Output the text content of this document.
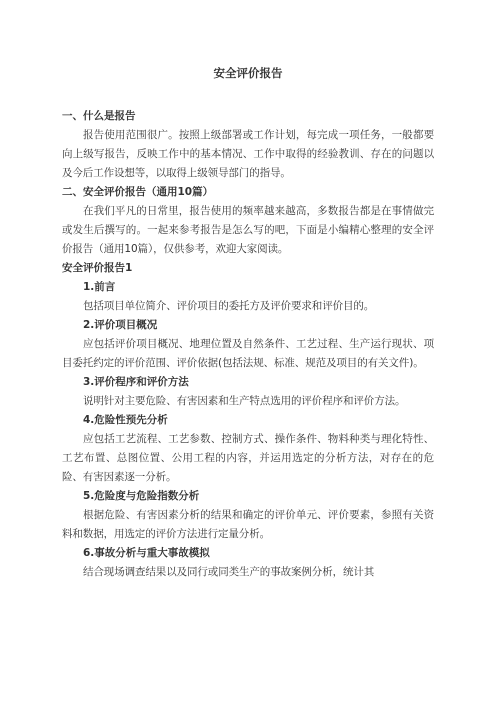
安全评价报告

一、什么是报告

报告使用范围很广。按照上级部署或工作计划，每完成一项任务，一般都要向上级写报告，反映工作中的基本情况、工作中取得的经验教训、存在的问题以及今后工作设想等，以取得上级领导部门的指导。

二、安全评价报告（通用10篇）

在我们平凡的日常里，报告使用的频率越来越高，多数报告都是在事情做完或发生后撰写的。一起来参考报告是怎么写的吧，下面是小编精心整理的安全评价报告（通用10篇），仅供参考，欢迎大家阅读。

安全评价报告1

1.前言

包括项目单位简介、评价项目的委托方及评价要求和评价目的。

2.评价项目概况

应包括评价项目概况、地理位置及自然条件、工艺过程、生产运行现状、项目委托约定的评价范围、评价依据(包括法规、标准、规范及项目的有关文件)。

3.评价程序和评价方法

说明针对主要危险、有害因素和生产特点选用的评价程序和评价方法。

4.危险性预先分析

应包括工艺流程、工艺参数、控制方式、操作条件、物料种类与理化特性、工艺布置、总图位置、公用工程的内容，并运用选定的分析方法，对存在的危险、有害因素逐一分析。

5.危险度与危险指数分析

根据危险、有害因素分析的结果和确定的评价单元、评价要素，参照有关资料和数据，用选定的评价方法进行定量分析。

6.事故分析与重大事故模拟

结合现场调查结果以及同行或同类生产的事故案例分析，统计其
